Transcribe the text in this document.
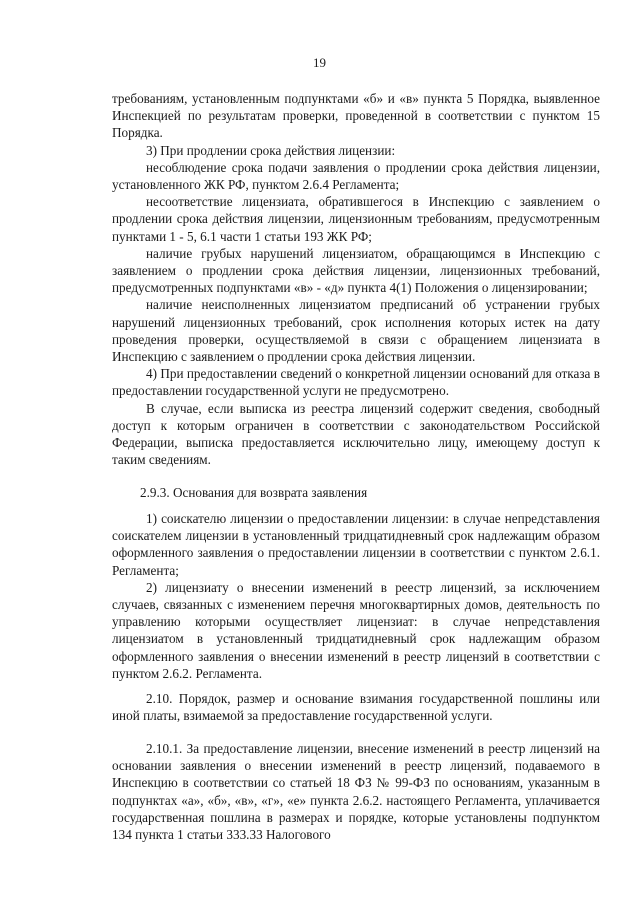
19

требованиям, установленным подпунктами «б» и «в» пункта 5 Порядка, выявленное Инспекцией по результатам проверки, проведенной в соответствии с пунктом 15 Порядка.

3) При продлении срока действия лицензии:

несоблюдение срока подачи заявления о продлении срока действия лицензии, установленного ЖК РФ, пунктом 2.6.4 Регламента;

несоответствие лицензиата, обратившегося в Инспекцию с заявлением о продлении срока действия лицензии, лицензионным требованиям, предусмотренным пунктами 1 - 5, 6.1 части 1 статьи 193 ЖК РФ;

наличие грубых нарушений лицензиатом, обращающимся в Инспекцию с заявлением о продлении срока действия лицензии, лицензионных требований, предусмотренных подпунктами «в» - «д» пункта 4(1) Положения о лицензировании;

наличие неисполненных лицензиатом предписаний об устранении грубых нарушений лицензионных требований, срок исполнения которых истек на дату проведения проверки, осуществляемой в связи с обращением лицензиата в Инспекцию с заявлением о продлении срока действия лицензии.

4) При предоставлении сведений о конкретной лицензии оснований для отказа в предоставлении государственной услуги не предусмотрено.

В случае, если выписка из реестра лицензий содержит сведения, свободный доступ к которым ограничен в соответствии с законодательством Российской Федерации, выписка предоставляется исключительно лицу, имеющему доступ к таким сведениям.

2.9.3. Основания для возврата заявления

1) соискателю лицензии о предоставлении лицензии: в случае непредставления соискателем лицензии в установленный тридцатидневный срок надлежащим образом оформленного заявления о предоставлении лицензии в соответствии с пунктом 2.6.1. Регламента;

2) лицензиату о внесении изменений в реестр лицензий, за исключением случаев, связанных с изменением перечня многоквартирных домов, деятельность по управлению которыми осуществляет лицензиат: в случае непредставления лицензиатом в установленный тридцатидневный срок надлежащим образом оформленного заявления о внесении изменений в реестр лицензий в соответствии с пунктом 2.6.2. Регламента.

2.10. Порядок, размер и основание взимания государственной пошлины или иной платы, взимаемой за предоставление государственной услуги.

2.10.1. За предоставление лицензии, внесение изменений в реестр лицензий на основании заявления о внесении изменений в реестр лицензий, подаваемого в Инспекцию в соответствии со статьей 18 ФЗ № 99-ФЗ по основаниям, указанным в подпунктах «а», «б», «в», «г», «е» пункта 2.6.2. настоящего Регламента, уплачивается государственная пошлина в размерах и порядке, которые установлены подпунктом 134 пункта 1 статьи 333.33 Налогового
